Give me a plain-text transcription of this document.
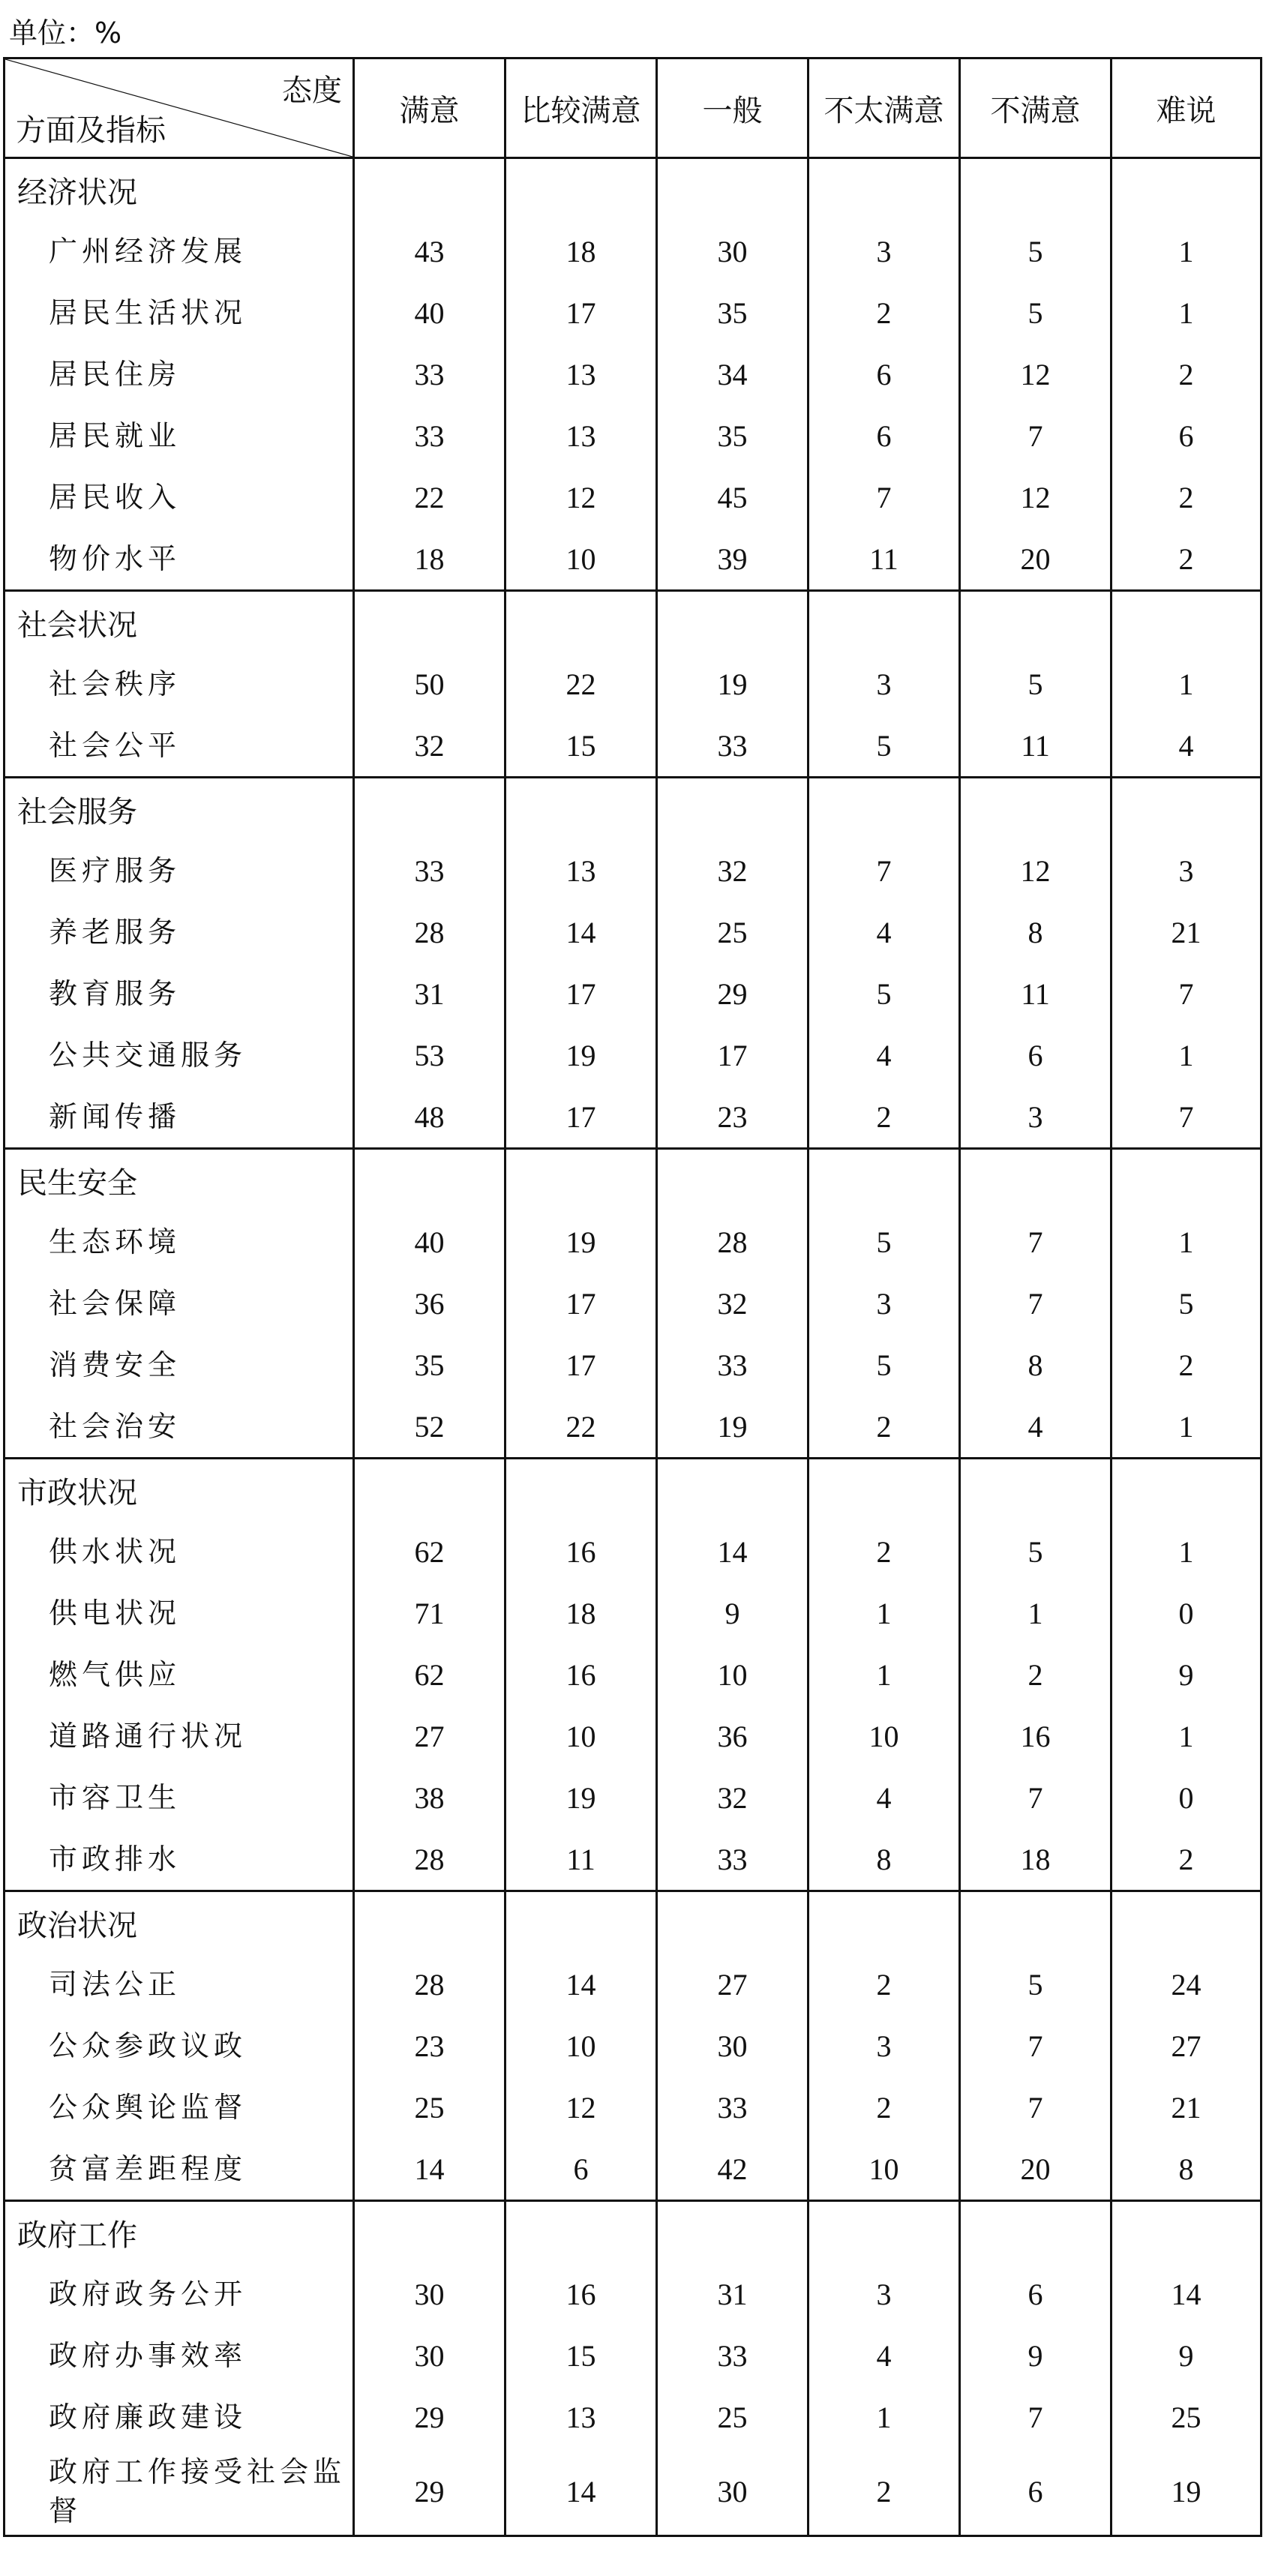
单位：%
态度
方面及指标	满意	比较满意	一般	不太满意	不满意	难说
经济状况						
广州经济发展	43	18	30	3	5	1
居民生活状况	40	17	35	2	5	1
居民住房	33	13	34	6	12	2
居民就业	33	13	35	6	7	6
居民收入	22	12	45	7	12	2
物价水平	18	10	39	11	20	2
社会状况						
社会秩序	50	22	19	3	5	1
社会公平	32	15	33	5	11	4
社会服务						
医疗服务	33	13	32	7	12	3
养老服务	28	14	25	4	8	21
教育服务	31	17	29	5	11	7
公共交通服务	53	19	17	4	6	1
新闻传播	48	17	23	2	3	7
民生安全						
生态环境	40	19	28	5	7	1
社会保障	36	17	32	3	7	5
消费安全	35	17	33	5	8	2
社会治安	52	22	19	2	4	1
市政状况						
供水状况	62	16	14	2	5	1
供电状况	71	18	9	1	1	0
燃气供应	62	16	10	1	2	9
道路通行状况	27	10	36	10	16	1
市容卫生	38	19	32	4	7	0
市政排水	28	11	33	8	18	2
政治状况						
司法公正	28	14	27	2	5	24
公众参政议政	23	10	30	3	7	27
公众舆论监督	25	12	33	2	7	21
贫富差距程度	14	6	42	10	20	8
政府工作						
政府政务公开	30	16	31	3	6	14
政府办事效率	30	15	33	4	9	9
政府廉政建设	29	13	25	1	7	25
政府工作接受社会监督	29	14	30	2	6	19
